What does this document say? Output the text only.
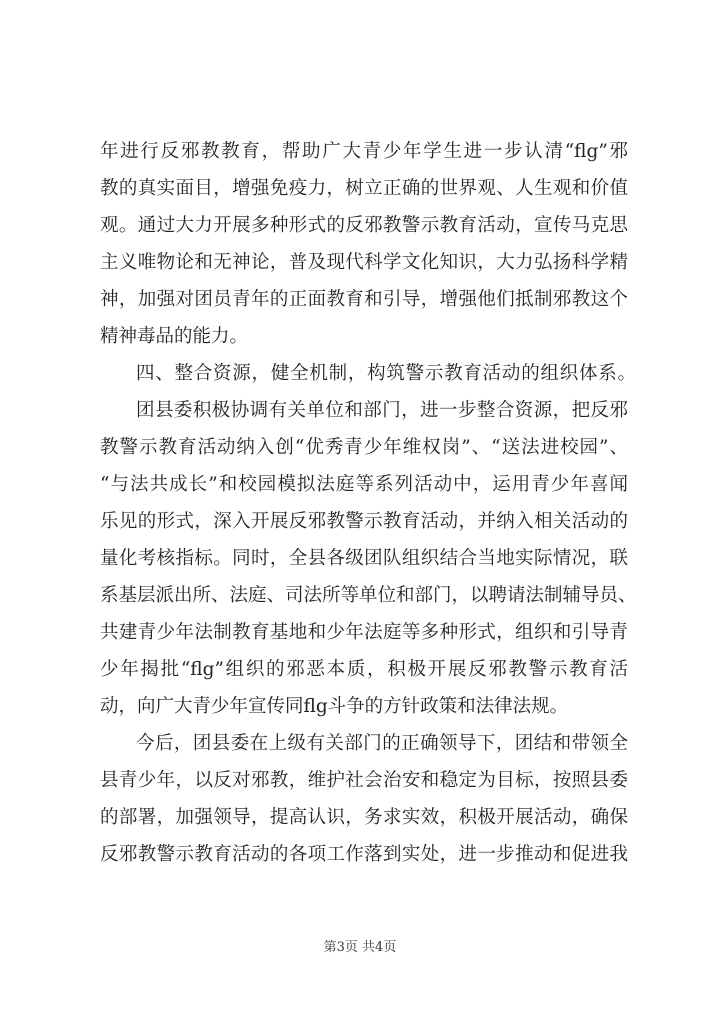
年进行反邪教教育，帮助广大青少年学生进一步认清“flg”邪
教的真实面目，增强免疫力，树立正确的世界观、人生观和价值
观。通过大力开展多种形式的反邪教警示教育活动，宣传马克思
主义唯物论和无神论，普及现代科学文化知识，大力弘扬科学精
神，加强对团员青年的正面教育和引导，增强他们抵制邪教这个
精神毒品的能力。
四、整合资源，健全机制，构筑警示教育活动的组织体系。
团县委积极协调有关单位和部门，进一步整合资源，把反邪
教警示教育活动纳入创“优秀青少年维权岗”、“送法进校园”、
“与法共成长”和校园模拟法庭等系列活动中，运用青少年喜闻
乐见的形式，深入开展反邪教警示教育活动，并纳入相关活动的
量化考核指标。同时，全县各级团队组织结合当地实际情况，联
系基层派出所、法庭、司法所等单位和部门，以聘请法制辅导员、
共建青少年法制教育基地和少年法庭等多种形式，组织和引导青
少年揭批“flg”组织的邪恶本质，积极开展反邪教警示教育活
动，向广大青少年宣传同flg斗争的方针政策和法律法规。
今后，团县委在上级有关部门的正确领导下，团结和带领全
县青少年，以反对邪教，维护社会治安和稳定为目标，按照县委
的部署，加强领导，提高认识，务求实效，积极开展活动，确保
反邪教警示教育活动的各项工作落到实处，进一步推动和促进我
第3页 共4页
